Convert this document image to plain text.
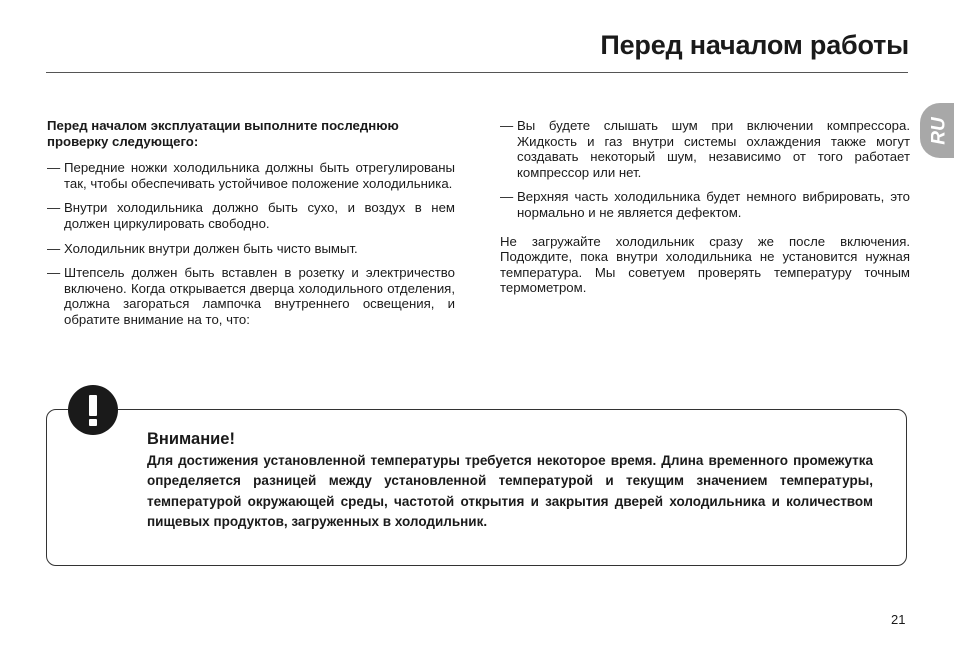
Перед началом работы
RU

Перед началом эксплуатации выполните последнюю проверку следующего:

— Передние ножки холодильника должны быть отрегулированы так, чтобы обеспечивать устойчивое положение холодильника.
— Внутри холодильника должно быть сухо, и воздух в нем должен циркулировать свободно.
— Холодильник внутри должен быть чисто вымыт.
— Штепсель должен быть вставлен в розетку и электричество включено. Когда открывается дверца холодильного отделения, должна загораться лампочка внутреннего освещения, и обратите внимание на то, что:
— Вы будете слышать шум при включении компрессора. Жидкость и газ внутри системы охлаждения также могут создавать некоторый шум, независимо от того работает компрессор или нет.
— Верхняя часть холодильника будет немного вибрировать, это нормально и не является дефектом.

Не загружайте холодильник сразу же после включения. Подождите, пока внутри холодильника не установится нужная температура. Мы советуем проверять температуру точным термометром.

Внимание!

Для достижения установленной температуры требуется некоторое время. Длина временного промежутка определяется разницей между установленной температурой и текущим значением температуры, температурой окружающей среды, частотой открытия и закрытия дверей холодильника и количеством пищевых продуктов, загруженных в холодильник.

21
